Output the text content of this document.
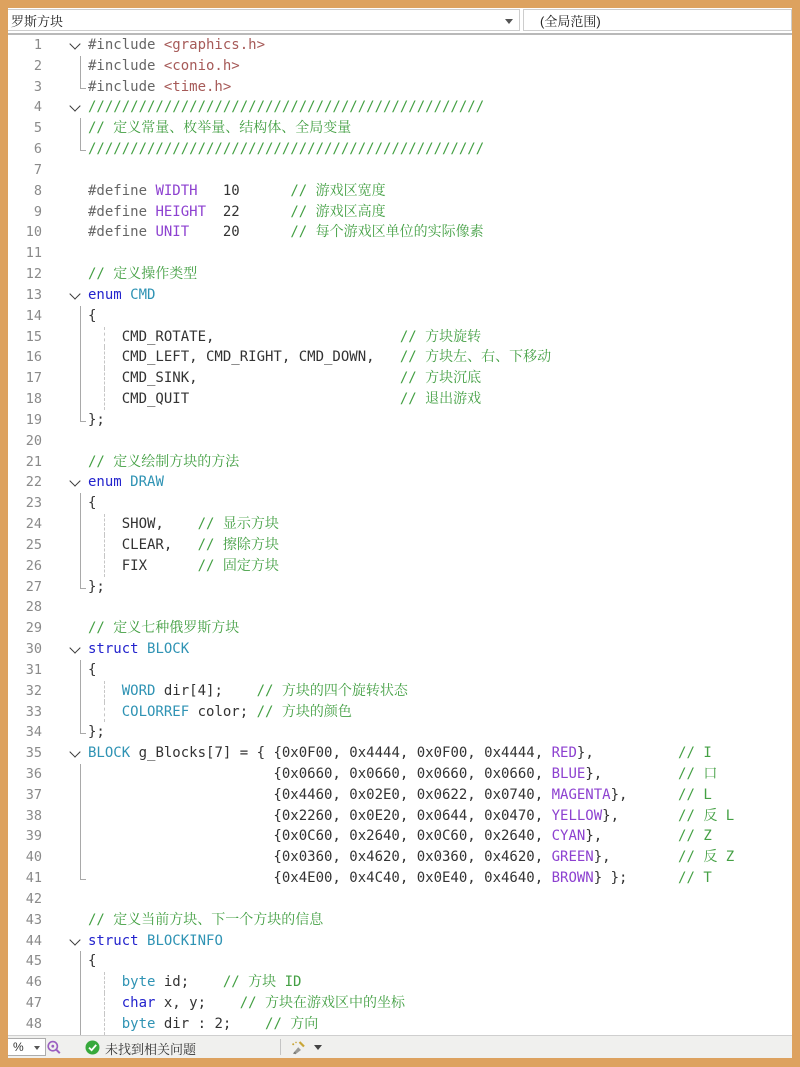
罗斯方块	(全局范围)
1	#include <graphics.h>
2	#include <conio.h>
3	#include <time.h>
4	///////////////////////////////////////////////
5	// 定义常量、枚举量、结构体、全局变量
6	///////////////////////////////////////////////
7
8	#define WIDTH   10      // 游戏区宽度
9	#define HEIGHT  22      // 游戏区高度
10	#define UNIT    20      // 每个游戏区单位的实际像素
11
12	// 定义操作类型
13	enum CMD
14	{
15	CMD_ROTATE,                      // 方块旋转
16	CMD_LEFT, CMD_RIGHT, CMD_DOWN,   // 方块左、右、下移动
17	CMD_SINK,                        // 方块沉底
18	CMD_QUIT                         // 退出游戏
19	};
20
21	// 定义绘制方块的方法
22	enum DRAW
23	{
24	SHOW,    // 显示方块
25	CLEAR,   // 擦除方块
26	FIX      // 固定方块
27	};
28
29	// 定义七种俄罗斯方块
30	struct BLOCK
31	{
32	WORD dir[4];    // 方块的四个旋转状态
33	COLORREF color; // 方块的颜色
34	};
35	BLOCK g_Blocks[7] = { {0x0F00, 0x4444, 0x0F00, 0x4444, RED},          // I
36	{0x0660, 0x0660, 0x0660, 0x0660, BLUE},         // 口
37	{0x4460, 0x02E0, 0x0622, 0x0740, MAGENTA},      // L
38	{0x2260, 0x0E20, 0x0644, 0x0470, YELLOW},       // 反 L
39	{0x0C60, 0x2640, 0x0C60, 0x2640, CYAN},         // Z
40	{0x0360, 0x4620, 0x0360, 0x4620, GREEN},        // 反 Z
41	{0x4E00, 0x4C40, 0x0E40, 0x4640, BROWN} };      // T
42
43	// 定义当前方块、下一个方块的信息
44	struct BLOCKINFO
45	{
46	byte id;    // 方块 ID
47	char x, y;    // 方块在游戏区中的坐标
48	byte dir : 2;    // 方向
%	未找到相关问题
